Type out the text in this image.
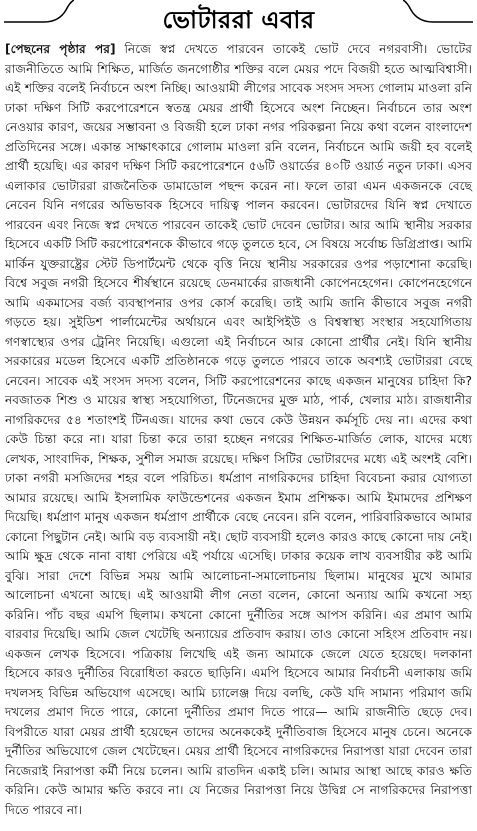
ভোটাররা এবার

[পেছনের পৃষ্ঠার পর] নিজে স্বপ্ন দেখতে পারবেন তাকেই ভোট দেবে নগরবাসী। ভোটের রাজনীতিতে আমি শিক্ষিত, মার্জিত জনগোষ্ঠীর শক্তির বলে মেয়র পদে বিজয়ী হতে আত্মবিশ্বাসী। এই শক্তির বলেই নির্বাচনে অংশ নিচ্ছি। আওয়ামী লীগের সাবেক সংসদ সদস্য গোলাম মাওলা রনি ঢাকা দক্ষিণ সিটি করপোরেশনে স্বতন্ত্র মেয়র প্রার্থী হিসেবে অংশ নিচ্ছেন। নির্বাচনে তার অংশ নেওয়ার কারণ, জয়ের সম্ভাবনা ও বিজয়ী হলে ঢাকা নগর পরিকল্পনা নিয়ে কথা বলেন বাংলাদেশ প্রতিদিনের সঙ্গে। একান্ত সাক্ষাৎকারে গোলাম মাওলা রনি বলেন, নির্বাচনে আমি জয়ী হব বলেই প্রার্থী হয়েছি। এর কারণ দক্ষিণ সিটি করপোরেশনে ৫৬টি ওয়ার্ডের ৪০টি ওয়ার্ড নতুন ঢাকা। এসব এলাকার ভোটাররা রাজনৈতিক ডামাডোল পছন্দ করেন না। ফলে তারা এমন একজনকে বেছে নেবেন যিনি নগরের অভিভাবক হিসেবে দায়িত্ব পালন করবেন। ভোটারদের যিনি স্বপ্ন দেখাতে পারবেন এবং নিজে স্বপ্ন দেখতে পারবেন তাকেই ভোট দেবেন ভোটার। আর আমি স্থানীয় সরকার হিসেবে একটি সিটি করপোরেশনকে কীভাবে গড়ে তুলতে হবে, সে বিষয়ে সর্বোচ্চ ডিগ্রিপ্রাপ্ত। আমি মার্কিন যুক্তরাষ্ট্রের স্টেট ডিপার্টমেন্ট থেকে বৃত্তি নিয়ে স্থানীয় সরকারের ওপর পড়াশোনা করেছি। বিশ্বে সবুজ নগরী হিসেবে শীর্ষস্থানে রয়েছে ডেনমার্কের রাজধানী কোপেনহেগেন। কোপেনহেগেনে আমি একমাসের বর্জ্য ব্যবস্থাপনার ওপর কোর্স করেছি। তাই আমি জানি কীভাবে সবুজ নগরী গড়তে হয়। সুইডিশ পার্লামেন্টের অর্থায়নে এবং আইপিইউ ও বিশ্বস্বাস্থ্য সংস্থার সহযোগিতায় গণস্বাস্থ্যের ওপর ট্রেনিং নিয়েছি। এগুলো এই নির্বাচনে আর কোনো প্রার্থীর নেই। যিনি স্থানীয় সরকারের মডেল হিসেবে একটি প্রতিষ্ঠানকে গড়ে তুলতে পারবে তাকে অবশ্যই ভোটাররা বেছে নেবেন। সাবেক এই সংসদ সদস্য বলেন, সিটি করপোরেশনের কাছে একজন মানুষের চাহিদা কি? নবজাতক শিশু ও মায়ের স্বাস্থ্য সহযোগিতা, টিনেজদের মুক্ত মাঠ, পার্ক, খেলার মাঠ। রাজধানীর নাগরিকদের ৫৪ শতাংশই টিনএজ। যাদের কথা ভেবে কেউ উন্নয়ন কর্মসূচি দেয় না। এদের কথা কেউ চিন্তা করে না। যারা চিন্তা করে তারা হচ্ছেন নগরের শিক্ষিত-মার্জিত লোক, যাদের মধ্যে লেখক, সাংবাদিক, শিক্ষক, সুশীল সমাজ রয়েছে। দক্ষিণ সিটির ভোটারদের মধ্যে এই অংশই বেশি। ঢাকা নগরী মসজিদের শহর বলে পরিচিত। ধর্মপ্রাণ নাগরিকদের চাহিদা বিবেচনা করার যোগ্যতা আমার রয়েছে। আমি ইসলামিক ফাউন্ডেশনের একজন ইমাম প্রশিক্ষক। আমি ইমামদের প্রশিক্ষণ দিয়েছি। ধর্মপ্রাণ মানুষ একজন ধর্মপ্রাণ প্রার্থীকে বেছে নেবেন। রনি বলেন, পারিবারিকভাবে আমার কোনো পিছুটান নেই। আমি বড় ব্যবসায়ী নই। ছোট ব্যবসায়ী হলেও কারও কাছে কোনো দায় নেই। আমি ক্ষুদ্র থেকে নানা বাধা পেরিয়ে এই পর্যায়ে এসেছি। ঢাকার কয়েক লাখ ব্যবসায়ীর কষ্ট আমি বুঝি। সারা দেশে বিভিন্ন সময় আমি আলোচনা-সমালোচনায় ছিলাম। মানুষের মুখে আমার আলোচনা এখনো আছে। এই আওয়ামী লীগ নেতা বলেন, কোনো অন্যায় আমি কখনো সহ্য করিনি। পাঁচ বছর এমপি ছিলাম। কখনো কোনো দুর্নীতির সঙ্গে আপস করিনি। এর প্রমাণ আমি বারবার দিয়েছি। আমি জেল খেটেছি অন্যায়ের প্রতিবাদ করায়। তাও কোনো সহিংস প্রতিবাদ নয়। একজন লেখক হিসেবে। পত্রিকায় লিখেছি এই জন্য আমাকে জেলে যেতে হয়েছে। দলকানা হিসেবে কারও দুর্নীতির বিরোধিতা করতে ছাড়িনি। এমপি হিসেবে আমার নির্বাচনী এলাকায় জমি দখলসহ বিভিন্ন অভিযোগ এসেছে। আমি চ্যালেঞ্জ দিয়ে বলছি, কেউ যদি সামান্য পরিমাণ জমি দখলের প্রমাণ দিতে পারে, কোনো দুর্নীতির প্রমাণ দিতে পারে— আমি রাজনীতি ছেড়ে দেব। বিপরীতে যারা মেয়র প্রার্থী হয়েছেন তাদের অনেককেই দুর্নীতিবাজ হিসেবে মানুষ চেনে। অনেকে দুর্নীতির অভিযোগে জেল খেটেছেন। মেয়র প্রার্থী হিসেবে নাগরিকদের নিরাপত্তা যারা দেবেন তারা নিজেরাই নিরাপত্তা কর্মী নিয়ে চলেন। আমি রাতদিন একাই চলি। আমার আস্থা আছে কারও ক্ষতি করিনি। কেউ আমার ক্ষতি করবে না। যে নিজের নিরাপত্তা নিয়ে উদ্বিগ্ন সে নাগরিকদের নিরাপত্তা দিতে পারবে না।
